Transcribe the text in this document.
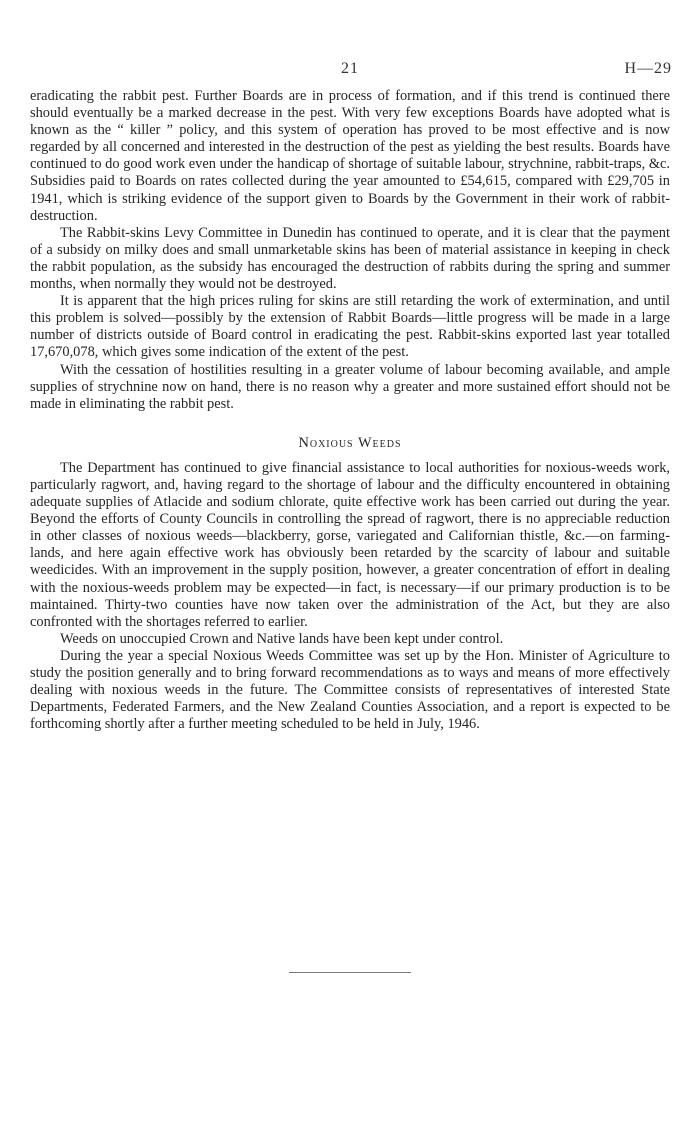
21	H—29

eradicating the rabbit pest. Further Boards are in process of formation, and if this trend is continued there should eventually be a marked decrease in the pest. With very few exceptions Boards have adopted what is known as the “ killer ” policy, and this system of operation has proved to be most effective and is now regarded by all concerned and interested in the destruction of the pest as yielding the best results. Boards have continued to do good work even under the handicap of shortage of suitable labour, strychnine, rabbit-traps, &c. Subsidies paid to Boards on rates collected during the year amounted to £54,615, compared with £29,705 in 1941, which is striking evidence of the support given to Boards by the Government in their work of rabbit-destruction.

The Rabbit-skins Levy Committee in Dunedin has continued to operate, and it is clear that the payment of a subsidy on milky does and small unmarketable skins has been of material assistance in keeping in check the rabbit population, as the subsidy has encouraged the destruction of rabbits during the spring and summer months, when normally they would not be destroyed.

It is apparent that the high prices ruling for skins are still retarding the work of extermination, and until this problem is solved—possibly by the extension of Rabbit Boards—little progress will be made in a large number of districts outside of Board control in eradicating the pest. Rabbit-skins exported last year totalled 17,670,078, which gives some indication of the extent of the pest.

With the cessation of hostilities resulting in a greater volume of labour becoming available, and ample supplies of strychnine now on hand, there is no reason why a greater and more sustained effort should not be made in eliminating the rabbit pest.

Noxious Weeds

The Department has continued to give financial assistance to local authorities for noxious-weeds work, particularly ragwort, and, having regard to the shortage of labour and the difficulty encountered in obtaining adequate supplies of Atlacide and sodium chlorate, quite effective work has been carried out during the year. Beyond the efforts of County Councils in controlling the spread of ragwort, there is no appreciable reduction in other classes of noxious weeds—blackberry, gorse, variegated and Californian thistle, &c.—on farming-lands, and here again effective work has obviously been retarded by the scarcity of labour and suitable weedicides. With an improvement in the supply position, however, a greater concentration of effort in dealing with the noxious-weeds problem may be expected—in fact, is necessary—if our primary production is to be maintained. Thirty-two counties have now taken over the administration of the Act, but they are also confronted with the shortages referred to earlier.

Weeds on unoccupied Crown and Native lands have been kept under control.

During the year a special Noxious Weeds Committee was set up by the Hon. Minister of Agriculture to study the position generally and to bring forward recommendations as to ways and means of more effectively dealing with noxious weeds in the future. The Committee consists of representatives of interested State Departments, Federated Farmers, and the New Zealand Counties Association, and a report is expected to be forthcoming shortly after a further meeting scheduled to be held in July, 1946.
